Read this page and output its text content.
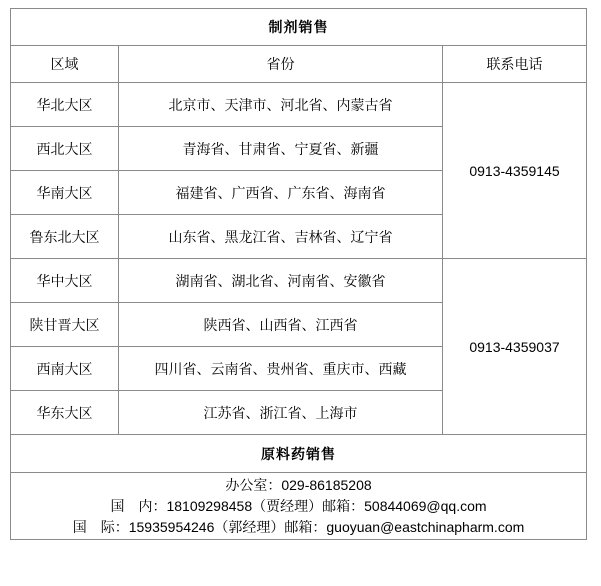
制剂销售		
区域	省份	联系电话
华北大区	北京市、天津市、河北省、内蒙古省	0913-4359145
西北大区	青海省、甘肃省、宁夏省、新疆	
华南大区	福建省、广西省、广东省、海南省	
鲁东北大区	山东省、黑龙江省、吉林省、辽宁省	
华中大区	湖南省、湖北省、河南省、安徽省	0913-4359037
陕甘晋大区	陕西省、山西省、江西省	
西南大区	四川省、云南省、贵州省、重庆市、西藏	
华东大区	江苏省、浙江省、上海市	
原料药销售		

办公室：029-86185208
国　内：18109298458（贾经理）邮箱：50844069@qq.com
国　际：15935954246（郭经理）邮箱：guoyuan@eastchinapharm.com		
